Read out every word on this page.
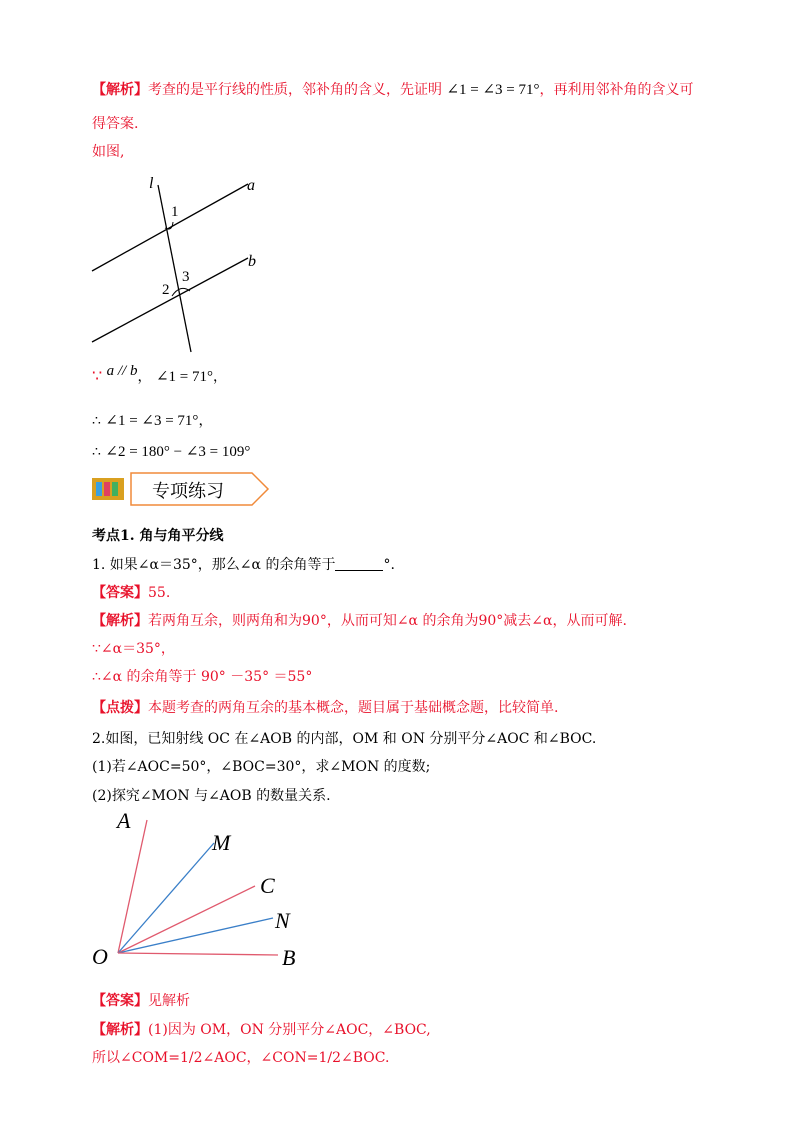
【解析】考查的是平行线的性质，邻补角的含义，先证明 ∠1 = ∠3 = 71°，再利用邻补角的含义可
得答案.
如图,
l	a
b
1
2
3
∵ a // b， ∠1 = 71°，
∴ ∠1 = ∠3 = 71°，
∴ ∠2 = 180° − ∠3 = 109°
专项练习
考点1. 角与角平分线
1. 如果∠α＝35°，那么∠α 的余角等于	°.
【答案】55.
【解析】若两角互余，则两角和为90°，从而可知∠α 的余角为90°减去∠α，从而可解.
∵∠α＝35°，
∴∠α 的余角等于 90° －35° ＝55°
【点拨】本题考查的两角互余的基本概念，题目属于基础概念题，比较简单.
2.如图，已知射线 OC 在∠AOB 的内部，OM 和 ON 分别平分∠AOC 和∠BOC.
(1)若∠AOC=50°，∠BOC=30°，求∠MON 的度数;
(2)探究∠MON 与∠AOB 的数量关系.
A
M
C
N
O	B
【答案】见解析
【解析】(1)因为 OM，ON 分别平分∠AOC，∠BOC,
所以∠COM=1/2∠AOC，∠CON=1/2∠BOC.
